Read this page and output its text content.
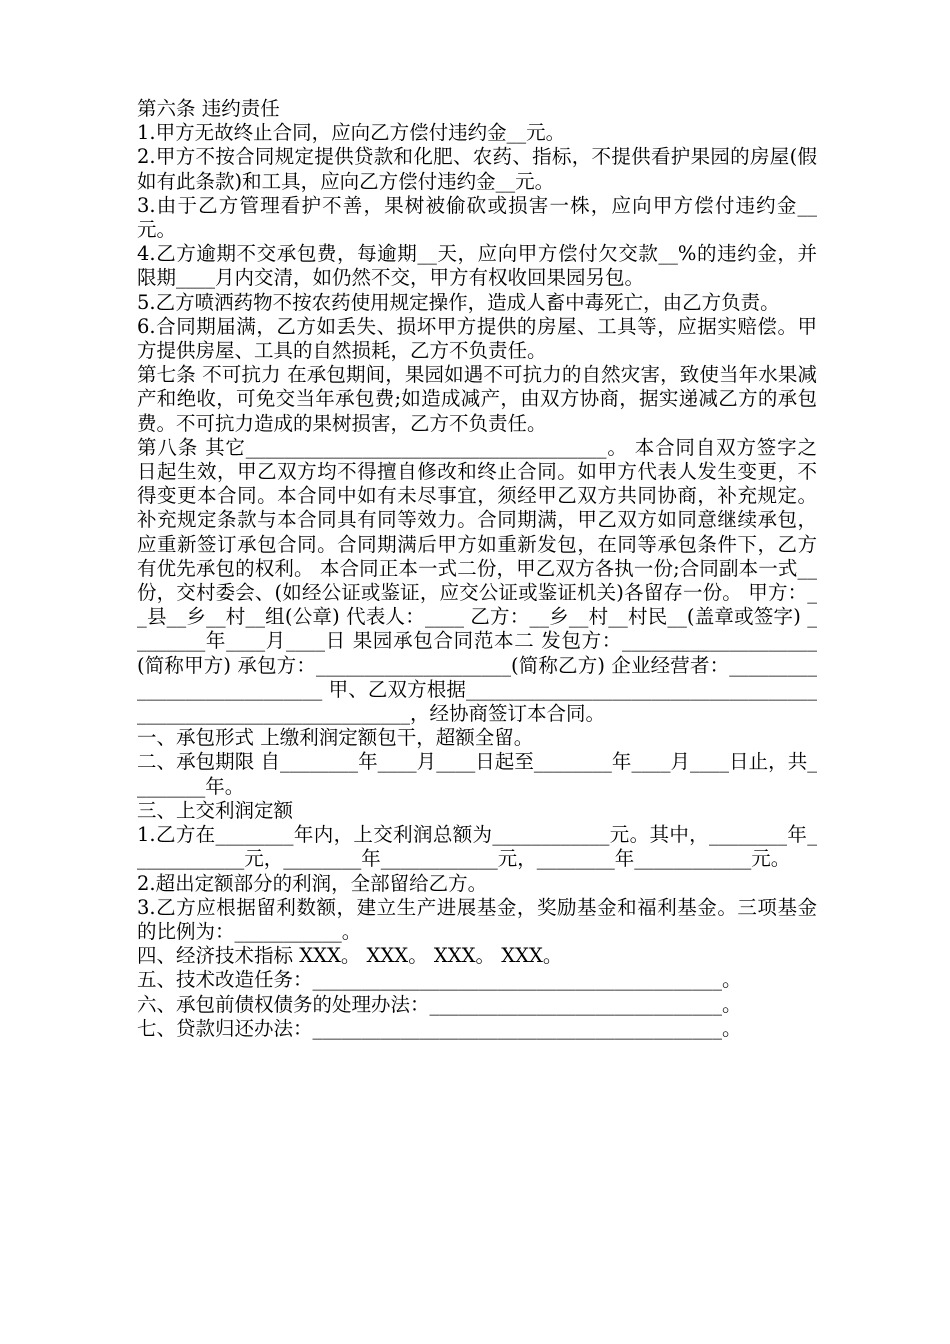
第六条 违约责任

1.甲方无故终止合同，应向乙方偿付违约金__元。

2.甲方不按合同规定提供贷款和化肥、农药、指标，不提供看护果园的房屋(假如有此条款)和工具，应向乙方偿付违约金__元。

3.由于乙方管理看护不善，果树被偷砍或损害一株，应向甲方偿付违约金__元。

4.乙方逾期不交承包费，每逾期__天，应向甲方偿付欠交款__%的违约金，并限期____月内交清，如仍然不交，甲方有权收回果园另包。

5.乙方喷洒药物不按农药使用规定操作，造成人畜中毒死亡，由乙方负责。

6.合同期届满，乙方如丢失、损坏甲方提供的房屋、工具等，应据实赔偿。甲方提供房屋、工具的自然损耗，乙方不负责任。

第七条 不可抗力 在承包期间，果园如遇不可抗力的自然灾害，致使当年水果减产和绝收，可免交当年承包费;如造成减产，由双方协商，据实递减乙方的承包费。不可抗力造成的果树损害，乙方不负责任。

第八条 其它_____________________________________。 本合同自双方签字之日起生效，甲乙双方均不得擅自修改和终止合同。如甲方代表人发生变更，不得变更本合同。本合同中如有未尽事宜，须经甲乙双方共同协商，补充规定。补充规定条款与本合同具有同等效力。合同期满，甲乙双方如同意继续承包，应重新签订承包合同。合同期满后甲方如重新发包，在同等承包条件下，乙方有优先承包的权利。 本合同正本一式二份，甲乙双方各执一份;合同副本一式__份，交村委会、(如经公证或鉴证，应交公证或鉴证机关)各留存一份。 甲方：__县__乡__村__组(公章) 代表人：____ 乙方：__乡__村__村民__(盖章或签字) ________年____月____日 果园承包合同范本二 发包方：____________________(简称甲方) 承包方：____________________(简称乙方) 企业经营者：____________________________ 甲、乙双方根据________________________________________________________________，经协商签订本合同。

一、承包形式 上缴利润定额包干，超额全留。

二、承包期限 自________年____月____日起至________年____月____日止，共________年。

三、上交利润定额

1.乙方在________年内，上交利润总额为____________元。其中，________年____________元，________年____________元，________年____________元。

2.超出定额部分的利润，全部留给乙方。

3.乙方应根据留利数额，建立生产进展基金，奖励基金和福利基金。三项基金的比例为：___________。

四、经济技术指标 XXX。 XXX。 XXX。 XXX。

五、技术改造任务：__________________________________________。

六、承包前债权债务的处理办法：______________________________。

七、贷款归还办法：__________________________________________。
